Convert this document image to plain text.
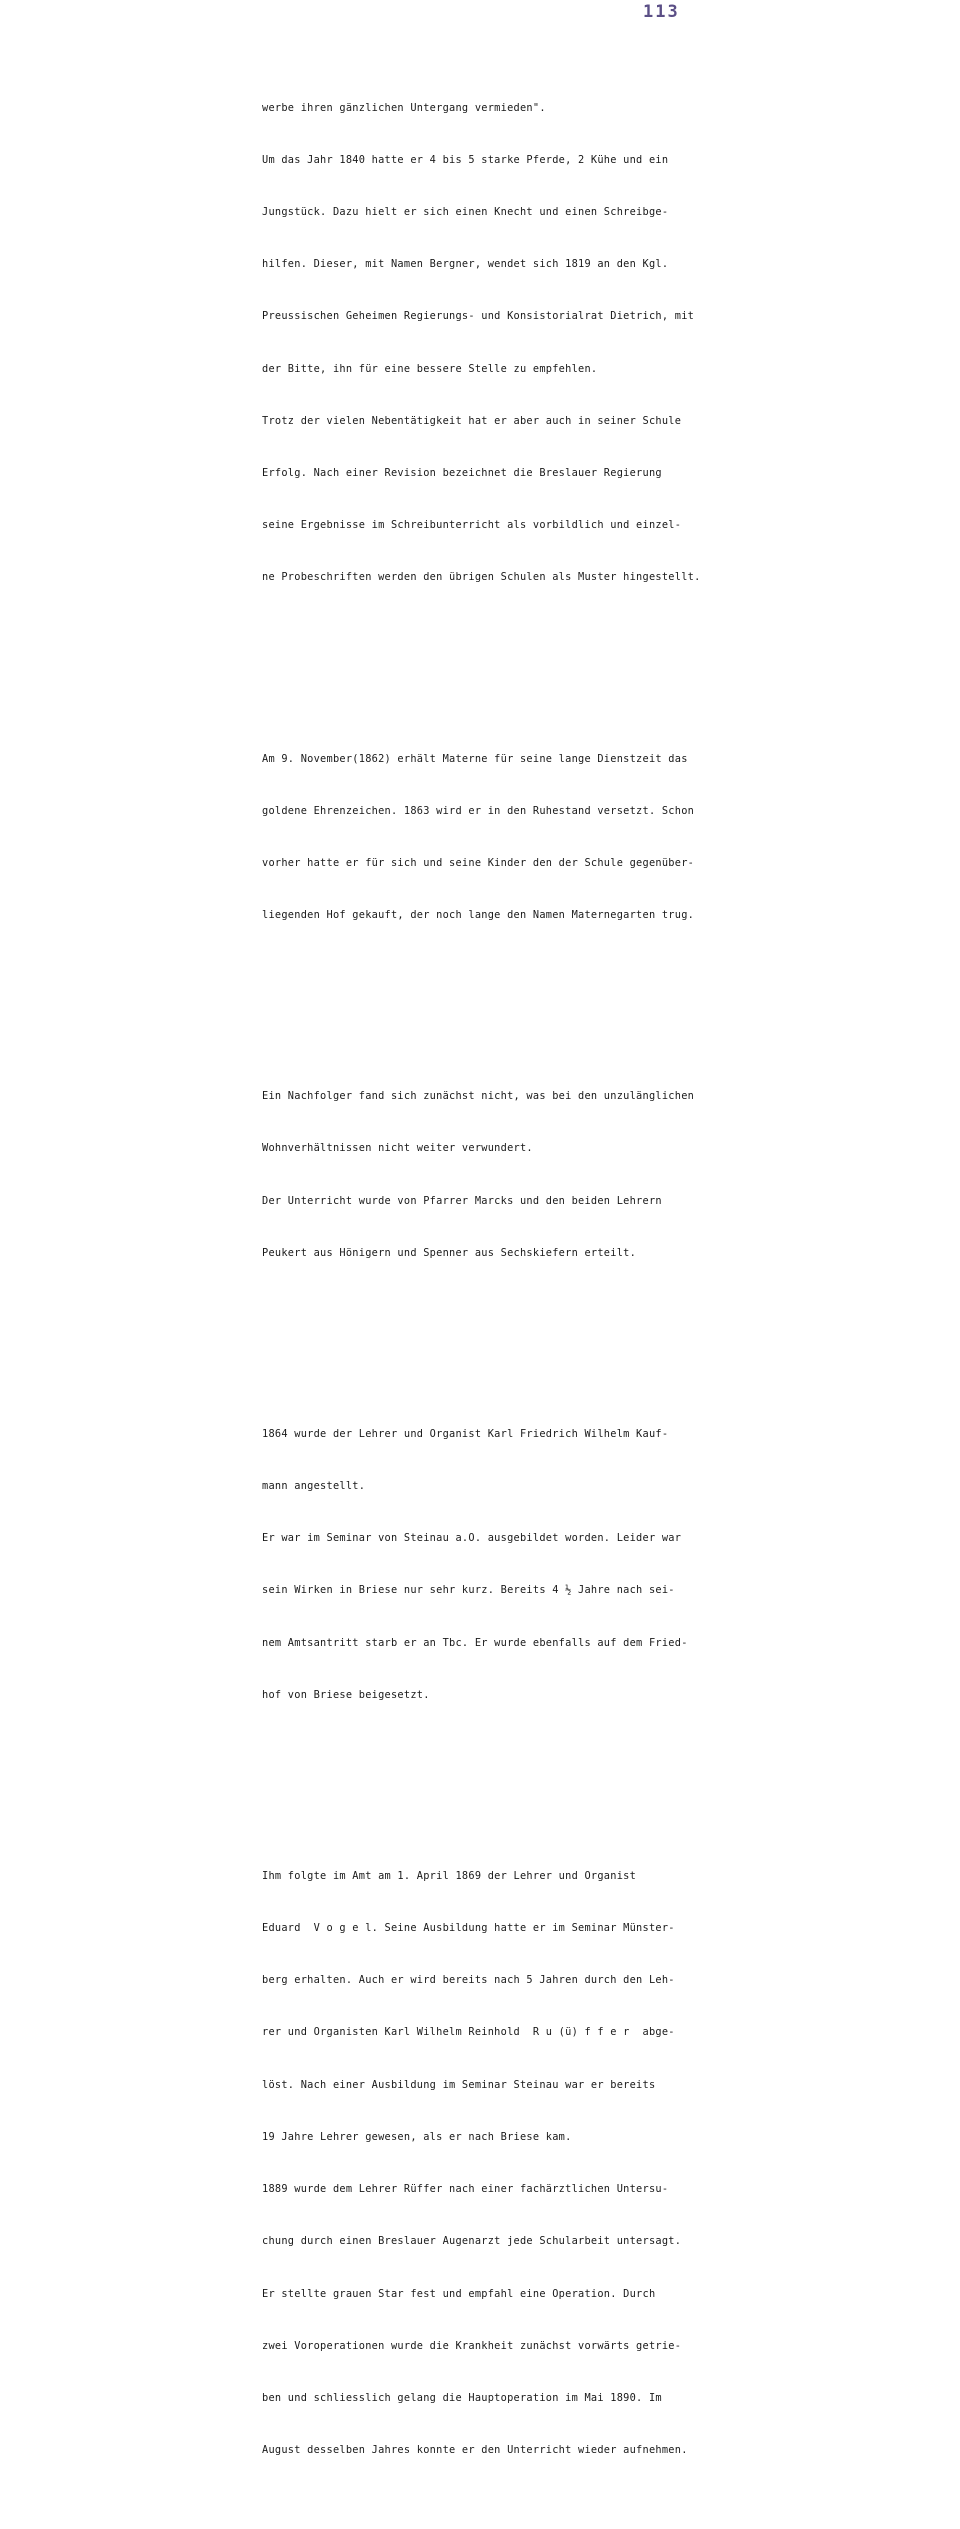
113

werbe ihren gänzlichen Untergang vermieden".

Um das Jahr 1840 hatte er 4 bis 5 starke Pferde, 2 Kühe und ein

Jungstück. Dazu hielt er sich einen Knecht und einen Schreibge-

hilfen. Dieser, mit Namen Bergner, wendet sich 1819 an den Kgl.

Preussischen Geheimen Regierungs- und Konsistorialrat Dietrich, mit

der Bitte, ihn für eine bessere Stelle zu empfehlen.

Trotz der vielen Nebentätigkeit hat er aber auch in seiner Schule

Erfolg. Nach einer Revision bezeichnet die Breslauer Regierung

seine Ergebnisse im Schreibunterricht als vorbildlich und einzel-

ne Probeschriften werden den übrigen Schulen als Muster hingestellt.

Am 9. November(1862) erhält Materne für seine lange Dienstzeit das

goldene Ehrenzeichen. 1863 wird er in den Ruhestand versetzt. Schon

vorher hatte er für sich und seine Kinder den der Schule gegenüber-

liegenden Hof gekauft, der noch lange den Namen Maternegarten trug.

Ein Nachfolger fand sich zunächst nicht, was bei den unzulänglichen

Wohnverhältnissen nicht weiter verwundert.

Der Unterricht wurde von Pfarrer Marcks und den beiden Lehrern

Peukert aus Hönigern und Spenner aus Sechskiefern erteilt.

1864 wurde der Lehrer und Organist Karl Friedrich Wilhelm Kauf-

mann angestellt.

Er war im Seminar von Steinau a.O. ausgebildet worden. Leider war

sein Wirken in Briese nur sehr kurz. Bereits 4 ½ Jahre nach sei-

nem Amtsantritt starb er an Tbc. Er wurde ebenfalls auf dem Fried-

hof von Briese beigesetzt.

Ihm folgte im Amt am 1. April 1869 der Lehrer und Organist

Eduard  V o g e l. Seine Ausbildung hatte er im Seminar Münster-

berg erhalten. Auch er wird bereits nach 5 Jahren durch den Leh-

rer und Organisten Karl Wilhelm Reinhold  R u (ü) f f e r  abge-

löst. Nach einer Ausbildung im Seminar Steinau war er bereits

19 Jahre Lehrer gewesen, als er nach Briese kam.

1889 wurde dem Lehrer Rüffer nach einer fachärztlichen Untersu-

chung durch einen Breslauer Augenarzt jede Schularbeit untersagt.

Er stellte grauen Star fest und empfahl eine Operation. Durch

zwei Voroperationen wurde die Krankheit zunächst vorwärts getrie-

ben und schliesslich gelang die Hauptoperation im Mai 1890. Im

August desselben Jahres konnte er den Unterricht wieder aufnehmen.
